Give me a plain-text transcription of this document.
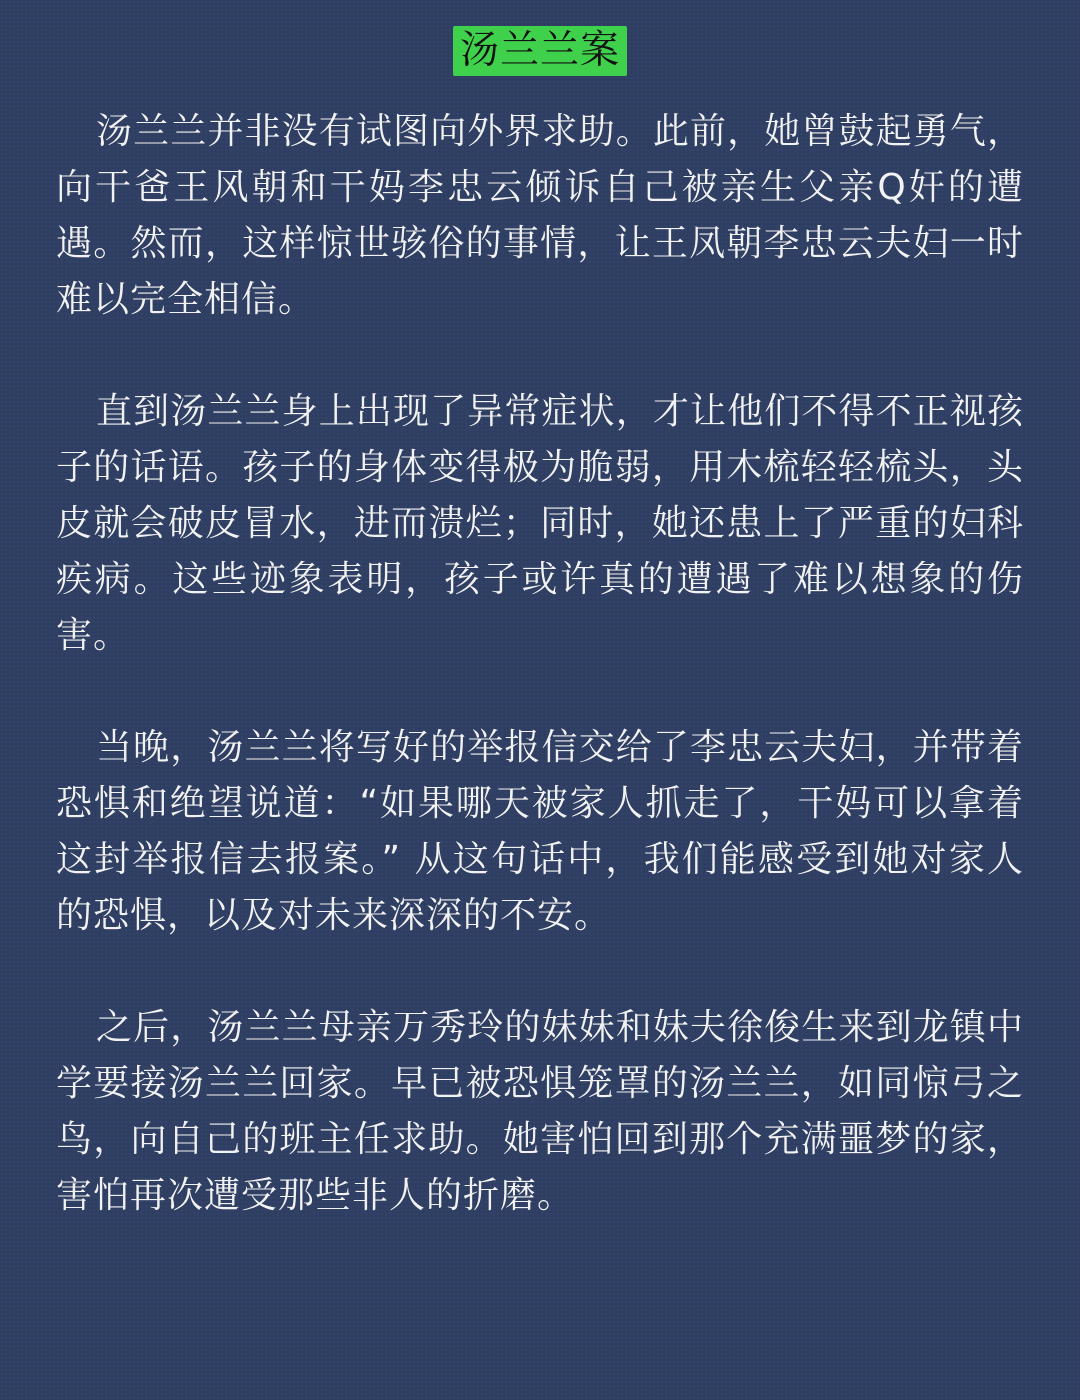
汤兰兰案

汤兰兰并非没有试图向外界求助。此前，她曾鼓起勇气，向干爸王风朝和干妈李忠云倾诉自己被亲生父亲Q奸的遭遇。然而，这样惊世骇俗的事情，让王凤朝李忠云夫妇一时难以完全相信。

直到汤兰兰身上出现了异常症状，才让他们不得不正视孩子的话语。孩子的身体变得极为脆弱，用木梳轻轻梳头，头皮就会破皮冒水，进而溃烂；同时，她还患上了严重的妇科疾病。这些迹象表明，孩子或许真的遭遇了难以想象的伤害。

当晚，汤兰兰将写好的举报信交给了李忠云夫妇，并带着恐惧和绝望说道：“如果哪天被家人抓走了，干妈可以拿着这封举报信去报案。” 从这句话中，我们能感受到她对家人的恐惧，以及对未来深深的不安。

之后，汤兰兰母亲万秀玲的妹妹和妹夫徐俊生来到龙镇中学要接汤兰兰回家。早已被恐惧笼罩的汤兰兰，如同惊弓之鸟，向自己的班主任求助。她害怕回到那个充满噩梦的家，害怕再次遭受那些非人的折磨。
